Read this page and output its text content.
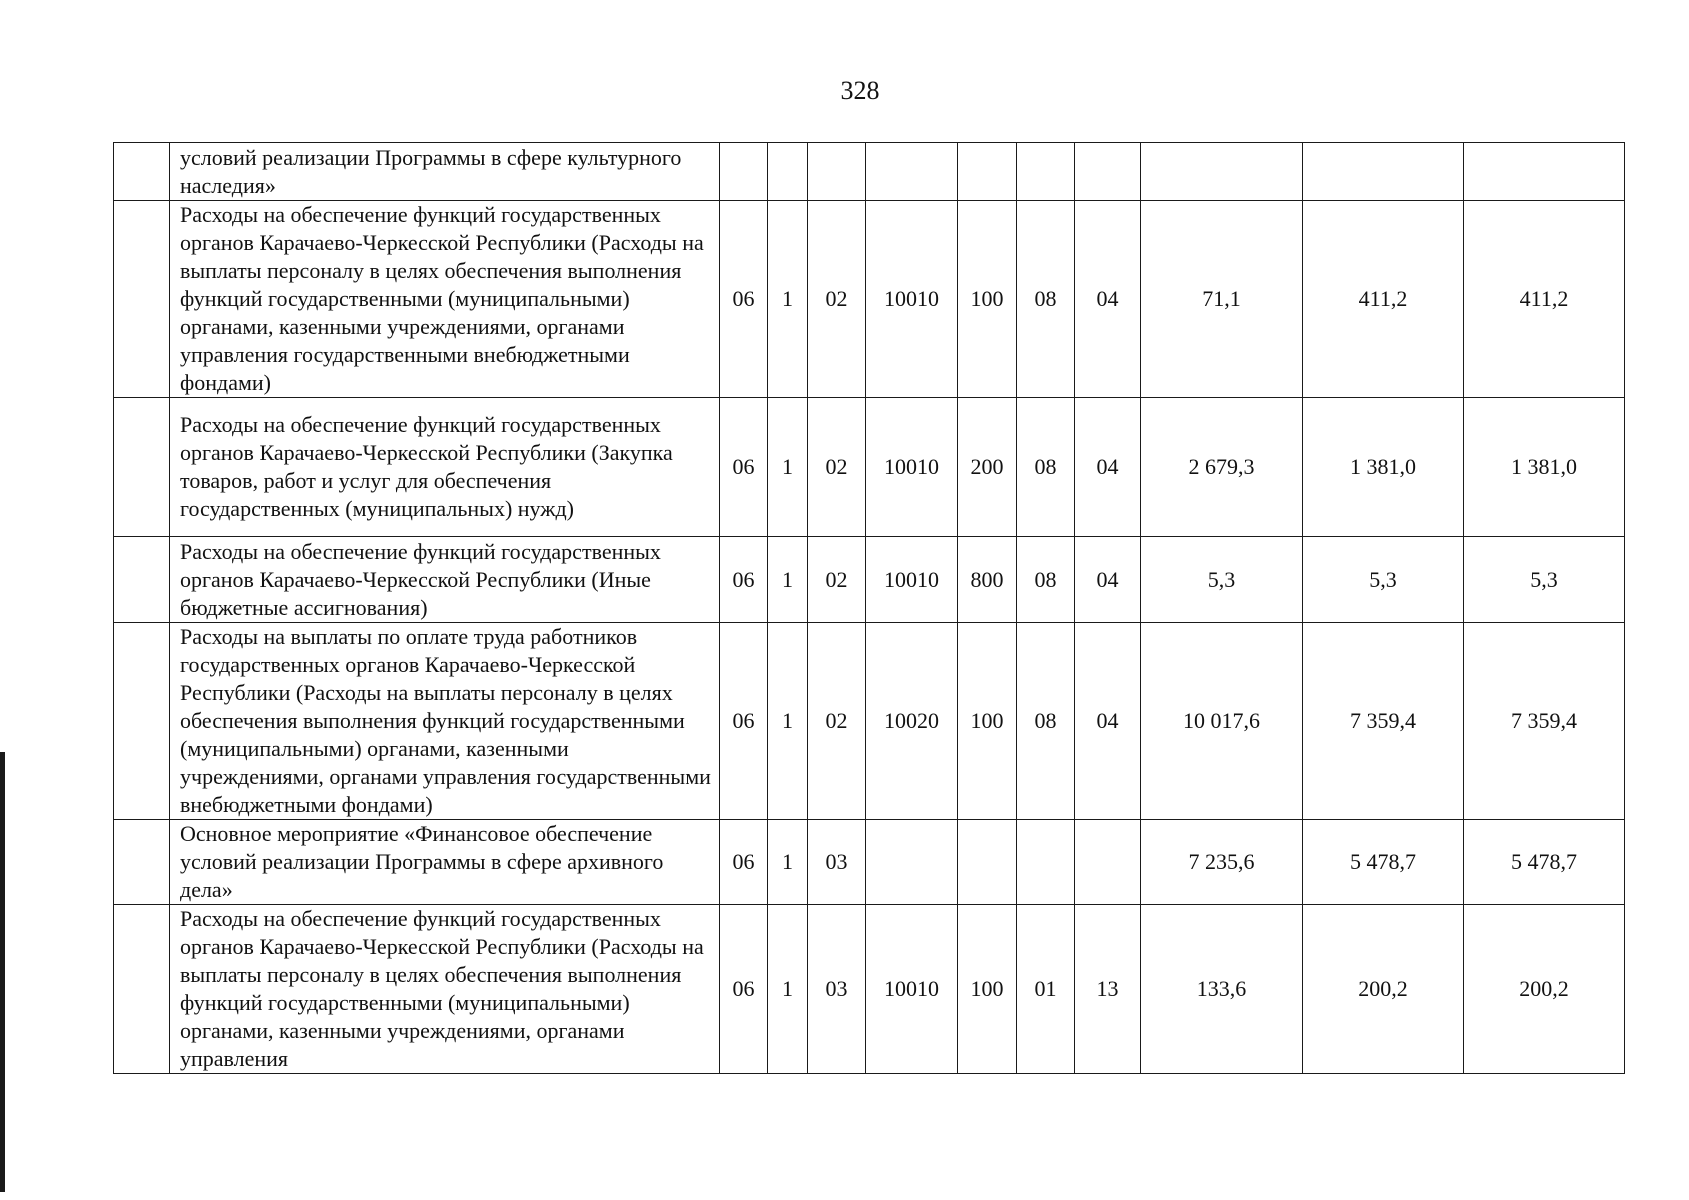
328
	условий реализации Программы в сфере культурного наследия»										
	Расходы на обеспечение функций государственных органов Карачаево-Черкесской Республики (Расходы на выплаты персоналу в целях обеспечения выполнения функций государственными (муниципальными) органами, казенными учреждениями, органами управления государственными внебюджетными фондами)	06	1	02	10010	100	08	04	71,1	411,2	411,2
	Расходы на обеспечение функций государственных органов Карачаево-Черкесской Республики (Закупка товаров, работ и услуг для обеспечения государственных (муниципальных) нужд)	06	1	02	10010	200	08	04	2 679,3	1 381,0	1 381,0
	Расходы на обеспечение функций государственных органов Карачаево-Черкесской Республики (Иные бюджетные ассигнования)	06	1	02	10010	800	08	04	5,3	5,3	5,3
	Расходы на выплаты по оплате труда работников государственных органов Карачаево-Черкесской Республики (Расходы на выплаты персоналу в целях обеспечения выполнения функций государственными (муниципальными) органами, казенными учреждениями, органами управления государственными внебюджетными фондами)	06	1	02	10020	100	08	04	10 017,6	7 359,4	7 359,4
	Основное мероприятие «Финансовое обеспечение условий реализации Программы в сфере архивного дела»	06	1	03					7 235,6	5 478,7	5 478,7
	Расходы на обеспечение функций государственных органов Карачаево-Черкесской Республики (Расходы на выплаты персоналу в целях обеспечения выполнения функций государственными (муниципальными) органами, казенными учреждениями, органами управления	06	1	03	10010	100	01	13	133,6	200,2	200,2
